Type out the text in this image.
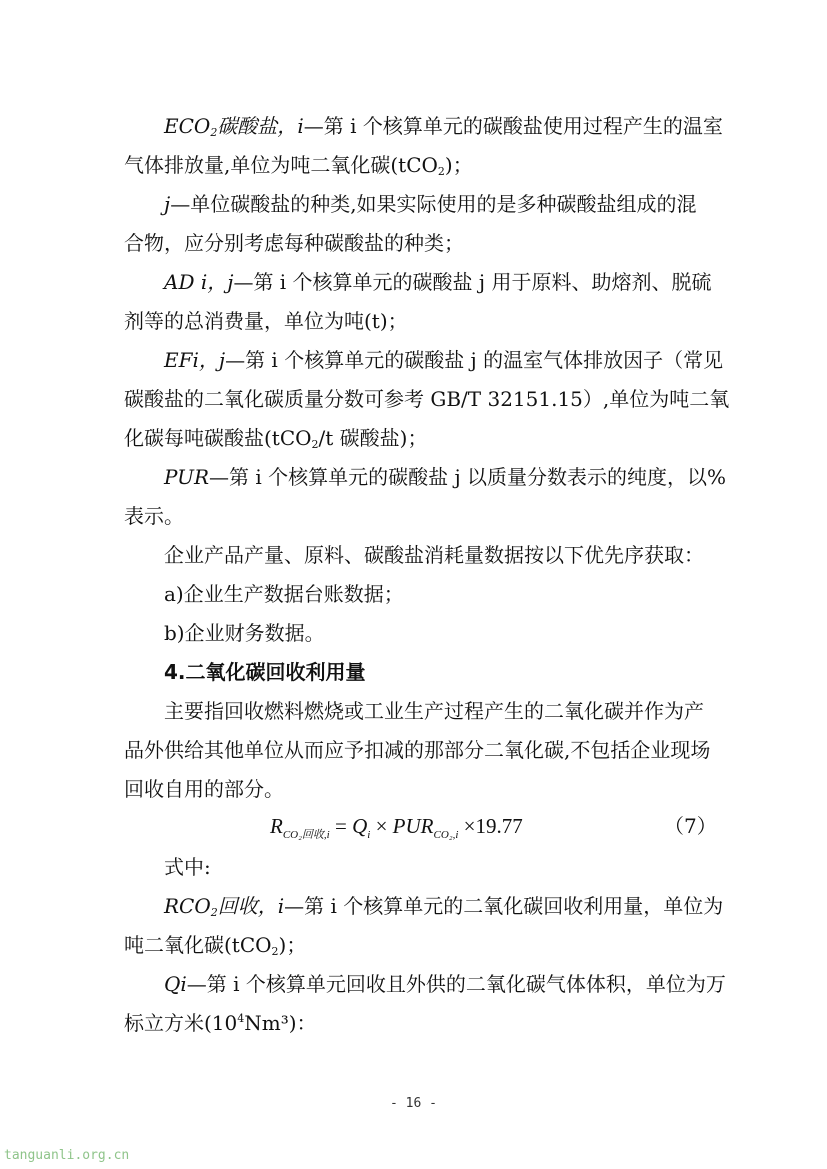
$ECO_2$碳酸盐，i—第 i 个核算单元的碳酸盐使用过程产生的温室
气体排放量,单位为吨二氧化碳(tCO$_2$)；
j—单位碳酸盐的种类,如果实际使用的是多种碳酸盐组成的混
合物，应分别考虑每种碳酸盐的种类；
AD i，j—第 i 个核算单元的碳酸盐 j 用于原料、助熔剂、脱硫
剂等的总消费量，单位为吨(t)；
EFi，j—第 i 个核算单元的碳酸盐 j 的温室气体排放因子（常见
碳酸盐的二氧化碳质量分数可参考 GB/T 32151.15）,单位为吨二氧
化碳每吨碳酸盐(tCO$_2$/t 碳酸盐)；
PUR—第 i 个核算单元的碳酸盐 j 以质量分数表示的纯度，以%
表示。
企业产品产量、原料、碳酸盐消耗量数据按以下优先序获取：
a)企业生产数据台账数据；
b)企业财务数据。
4.二氧化碳回收利用量
主要指回收燃料燃烧或工业生产过程产生的二氧化碳并作为产
品外供给其他单位从而应予扣减的那部分二氧化碳,不包括企业现场
回收自用的部分。
$R_{CO_2回收,i} = Q_i \times PUR_{CO_2,i} \times 19.77$	（7）
式中:
$RCO_2$回收，i—第 i 个核算单元的二氧化碳回收利用量，单位为
吨二氧化碳(tCO$_2$)；
Qi—第 i 个核算单元回收且外供的二氧化碳气体体积，单位为万
标立方米$(10^4Nm^3)$：
- 16 -
tanguanli.org.cn
